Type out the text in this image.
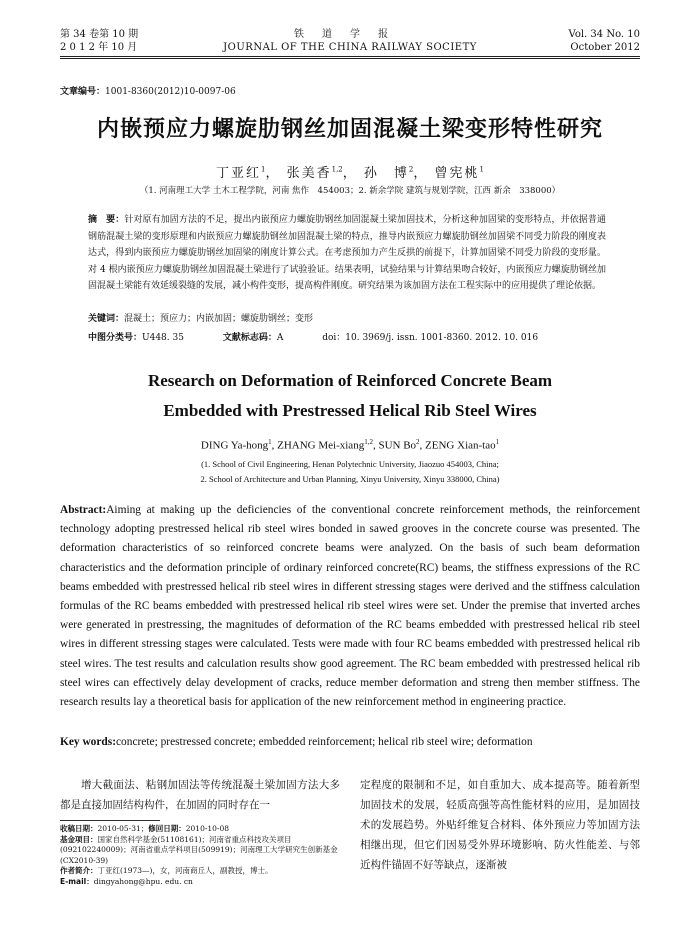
第 34 卷第 10 期
2 0 1 2 年 10 月
铁道学报
JOURNAL OF THE CHINA RAILWAY SOCIETY
Vol. 34 No. 10
October 2012
文章编号：1001-8360(2012)10-0097-06
内嵌预应力螺旋肋钢丝加固混凝土梁变形特性研究
丁亚红$^1$， 张美香$^{1,2}$， 孙　博$^2$， 曾宪桃$^1$
（1. 河南理工大学 土木工程学院，河南 焦作　454003；2. 新余学院 建筑与规划学院，江西 新余　338000）
摘　要：针对原有加固方法的不足，提出内嵌预应力螺旋肋钢丝加固混凝土梁加固技术，分析这种加固梁的变形特点，并依据普通钢筋混凝土梁的变形原理和内嵌预应力螺旋肋钢丝加固混凝土梁的特点，推导内嵌预应力螺旋肋钢丝加固梁不同受力阶段的刚度表达式，得到内嵌预应力螺旋肋钢丝加固梁的刚度计算公式。在考虑预加力产生反拱的前提下，计算加固梁不同受力阶段的变形量。对 4 根内嵌预应力螺旋肋钢丝加固混凝土梁进行了试验验证。结果表明，试验结果与计算结果吻合较好，内嵌预应力螺旋肋钢丝加固混凝土梁能有效延缓裂缝的发展，减小构件变形，提高构件刚度。研究结果为该加固方法在工程实际中的应用提供了理论依据。
关键词：混凝土；预应力；内嵌加固；螺旋肋钢丝；变形
中图分类号：U448. 35	文献标志码：A	doi：10. 3969/j. issn. 1001-8360. 2012. 10. 016
Research on Deformation of Reinforced Concrete Beam
Embedded with Prestressed Helical Rib Steel Wires
DING Ya-hong$^1$, ZHANG Mei-xiang$^{1,2}$, SUN Bo$^2$, ZENG Xian-tao$^1$
(1. School of Civil Engineering, Henan Polytechnic University, Jiaozuo 454003, China;
2. School of Architecture and Urban Planning, Xinyu University, Xinyu 338000, China)
Abstract:Aiming at making up the deficiencies of the conventional concrete reinforcement methods, the reinforcement technology adopting prestressed helical rib steel wires bonded in sawed grooves in the concrete course was presented. The deformation characteristics of so reinforced concrete beams were analyzed. On the basis of such beam deformation characteristics and the deformation principle of ordinary reinforced concrete(RC) beams, the stiffness expressions of the RC beams embedded with prestressed helical rib steel wires in different stressing stages were derived and the stiffness calculation formulas of the RC beams embedded with prestressed helical rib steel wires were set. Under the premise that inverted arches were generated in prestressing, the magnitudes of deformation of the RC beams embedded with prestressed helical rib steel wires in different stressing stages were calculated. Tests were made with four RC beams embedded with prestressed helical rib steel wires. The test results and calculation results show good agreement. The RC beam embedded with prestressed helical rib steel wires can effectively delay development of cracks, reduce member deformation and streng then member stiffness. The research results lay a theoretical basis for application of the new reinforcement method in engineering practice.
Key words:concrete; prestressed concrete; embedded reinforcement; helical rib steel wire; deformation
增大截面法、粘钢加固法等传统混凝土梁加固方法大多都是直接加固结构构件，在加固的同时存在一
定程度的限制和不足，如自重加大、成本提高等。随着新型加固技术的发展，轻质高强等高性能材料的应用，是加固技术的发展趋势。外贴纤维复合材料、体外预应力等加固方法相继出现，但它们因易受外界环境影响、防火性能差、与邻近构件锚固不好等缺点，逐渐被
收稿日期：2010-05-31；修回日期：2010-10-08
基金项目：国家自然科学基金(51108161)；河南省重点科技攻关项目(092102240009)；河南省重点学科项目(509919)；河南理工大学研究生创新基金(CX2010-39)
作者简介：丁亚红(1973—)，女，河南商丘人，副教授，博士。
E-mail：dingyahong@hpu. edu. cn
